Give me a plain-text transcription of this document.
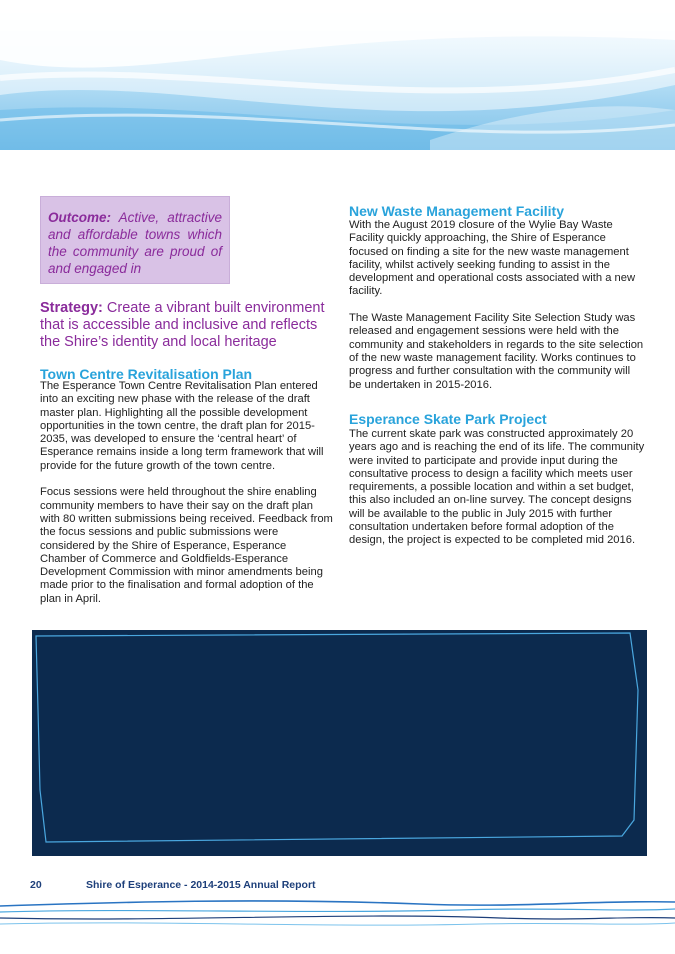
Outcome: Active, attractive and affordable towns which the community are proud of and engaged in
Strategy: Create a vibrant built environment that is accessible and inclusive and reflects the Shire’s identity and local heritage
Town Centre Revitalisation Plan

The Esperance Town Centre Revitalisation Plan entered into an exciting new phase with the release of the draft master plan. Highlighting all the possible development opportunities in the town centre, the draft plan for 2015-2035, was developed to ensure the ‘central heart’ of Esperance remains inside a long term framework that will provide for the future growth of the town centre.

Focus sessions were held throughout the shire enabling community members to have their say on the draft plan with 80 written submissions being received. Feedback from the focus sessions and public submissions were considered by the Shire of Esperance, Esperance Chamber of Commerce and Goldfields-Esperance Development Commission with minor amendments being made prior to the finalisation and formal adoption of the plan in April.

New Waste Management Facility

With the August 2019 closure of the Wylie Bay Waste Facility quickly approaching, the Shire of Esperance focused on finding a site for the new waste management facility, whilst actively seeking funding to assist in the development and operational costs associated with a new facility.

The Waste Management Facility Site Selection Study was released and engagement sessions were held with the community and stakeholders in regards to the site selection of the new waste management facility. Works continues to progress and further consultation with the community will be undertaken in 2015-2016.

Esperance Skate Park Project

The current skate park was constructed approximately 20 years ago and is reaching the end of its life. The community were invited to participate and provide input during the consultative process to design a facility which meets user requirements, a possible location and within a set budget, this also included an on-line survey. The concept designs will be available to the public in July 2015 with further consultation undertaken before formal adoption of the design, the project is expected to be completed mid 2016.

20	Shire of Esperance - 2014-2015 Annual Report
